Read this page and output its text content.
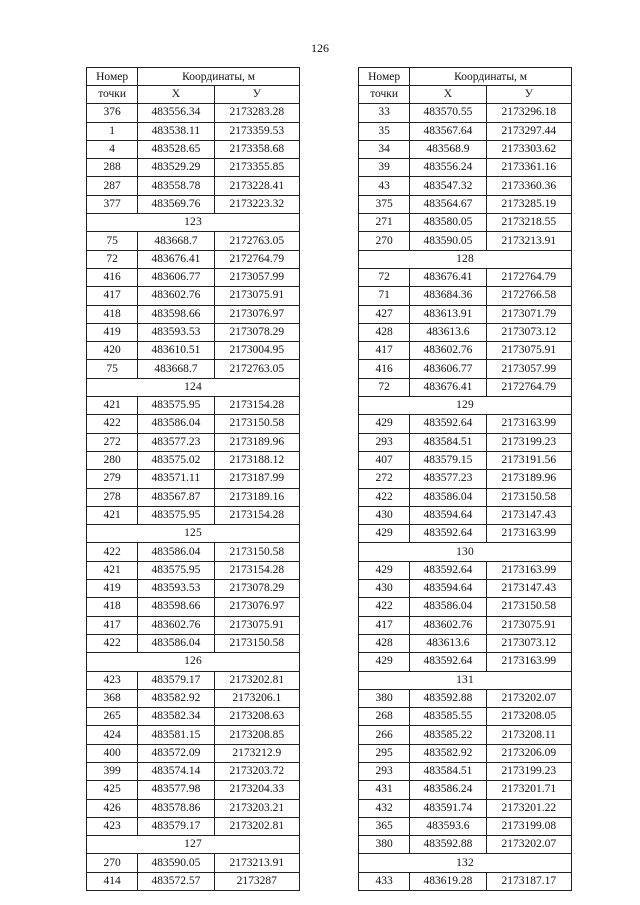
126
Номер	Координаты, м	
точки	X	У
376	483556.34	2173283.28
1	483538.11	2173359.53
4	483528.65	2173358.68
288	483529.29	2173355.85
287	483558.78	2173228.41
377	483569.76	2173223.32
123		
75	483668.7	2172763.05
72	483676.41	2172764.79
416	483606.77	2173057.99
417	483602.76	2173075.91
418	483598.66	2173076.97
419	483593.53	2173078.29
420	483610.51	2173004.95
75	483668.7	2172763.05
124		
421	483575.95	2173154.28
422	483586.04	2173150.58
272	483577.23	2173189.96
280	483575.02	2173188.12
279	483571.11	2173187.99
278	483567.87	2173189.16
421	483575.95	2173154.28
125		
422	483586.04	2173150.58
421	483575.95	2173154.28
419	483593.53	2173078.29
418	483598.66	2173076.97
417	483602.76	2173075.91
422	483586.04	2173150.58
126		
423	483579.17	2173202.81
368	483582.92	2173206.1
265	483582.34	2173208.63
424	483581.15	2173208.85
400	483572.09	2173212.9
399	483574.14	2173203.72
425	483577.98	2173204.33
426	483578.86	2173203.21
423	483579.17	2173202.81
127		
270	483590.05	2173213.91
414	483572.57	2173287
Номер	Координаты, м	
точки	X	У
33	483570.55	2173296.18
35	483567.64	2173297.44
34	483568.9	2173303.62
39	483556.24	2173361.16
43	483547.32	2173360.36
375	483564.67	2173285.19
271	483580.05	2173218.55
270	483590.05	2173213.91
128		
72	483676.41	2172764.79
71	483684.36	2172766.58
427	483613.91	2173071.79
428	483613.6	2173073.12
417	483602.76	2173075.91
416	483606.77	2173057.99
72	483676.41	2172764.79
129		
429	483592.64	2173163.99
293	483584.51	2173199.23
407	483579.15	2173191.56
272	483577.23	2173189.96
422	483586.04	2173150.58
430	483594.64	2173147.43
429	483592.64	2173163.99
130		
429	483592.64	2173163.99
430	483594.64	2173147.43
422	483586.04	2173150.58
417	483602.76	2173075.91
428	483613.6	2173073.12
429	483592.64	2173163.99
131		
380	483592.88	2173202.07
268	483585.55	2173208.05
266	483585.22	2173208.11
295	483582.92	2173206.09
293	483584.51	2173199.23
431	483586.24	2173201.71
432	483591.74	2173201.22
365	483593.6	2173199.08
380	483592.88	2173202.07
132		
433	483619.28	2173187.17
